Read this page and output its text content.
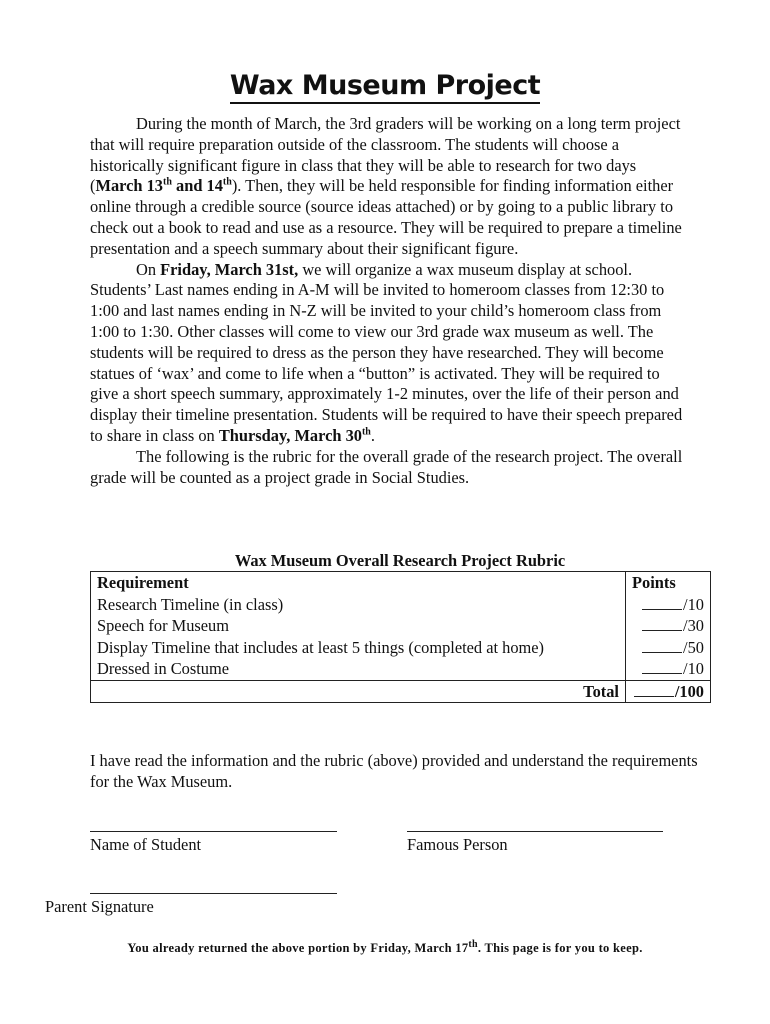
Wax Museum Project

During the month of March, the 3rd graders will be working on a long term project that will require preparation outside of the classroom. The students will choose a historically significant figure in class that they will be able to research for two days (March 13th and 14th). Then, they will be held responsible for finding information either online through a credible source (source ideas attached) or by going to a public library to check out a book to read and use as a resource. They will be required to prepare a timeline presentation and a speech summary about their significant figure.

On Friday, March 31st, we will organize a wax museum display at school. Students’ Last names ending in A-M will be invited to homeroom classes from 12:30 to 1:00 and last names ending in N-Z will be invited to your child’s homeroom class from 1:00 to 1:30. Other classes will come to view our 3rd grade wax museum as well. The students will be required to dress as the person they have researched. They will become statues of ‘wax’ and come to life when a “button” is activated. They will be required to give a short speech summary, approximately 1-2 minutes, over the life of their person and display their timeline presentation. Students will be required to have their speech prepared to share in class on Thursday, March 30th.

The following is the rubric for the overall grade of the research project. The overall grade will be counted as a project grade in Social Studies.

Wax Museum Overall Research Project Rubric
Requirement	Points
Research Timeline (in class)	/10
Speech for Museum	/30
Display Timeline that includes at least 5 things (completed at home)	/50
Dressed in Costume	/10
Total	/100
I have read the information and the rubric (above) provided and understand the requirements for the Wax Museum.
Name of Student	Famous Person
Parent Signature
You already returned the above portion by Friday, March 17th. This page is for you to keep.
